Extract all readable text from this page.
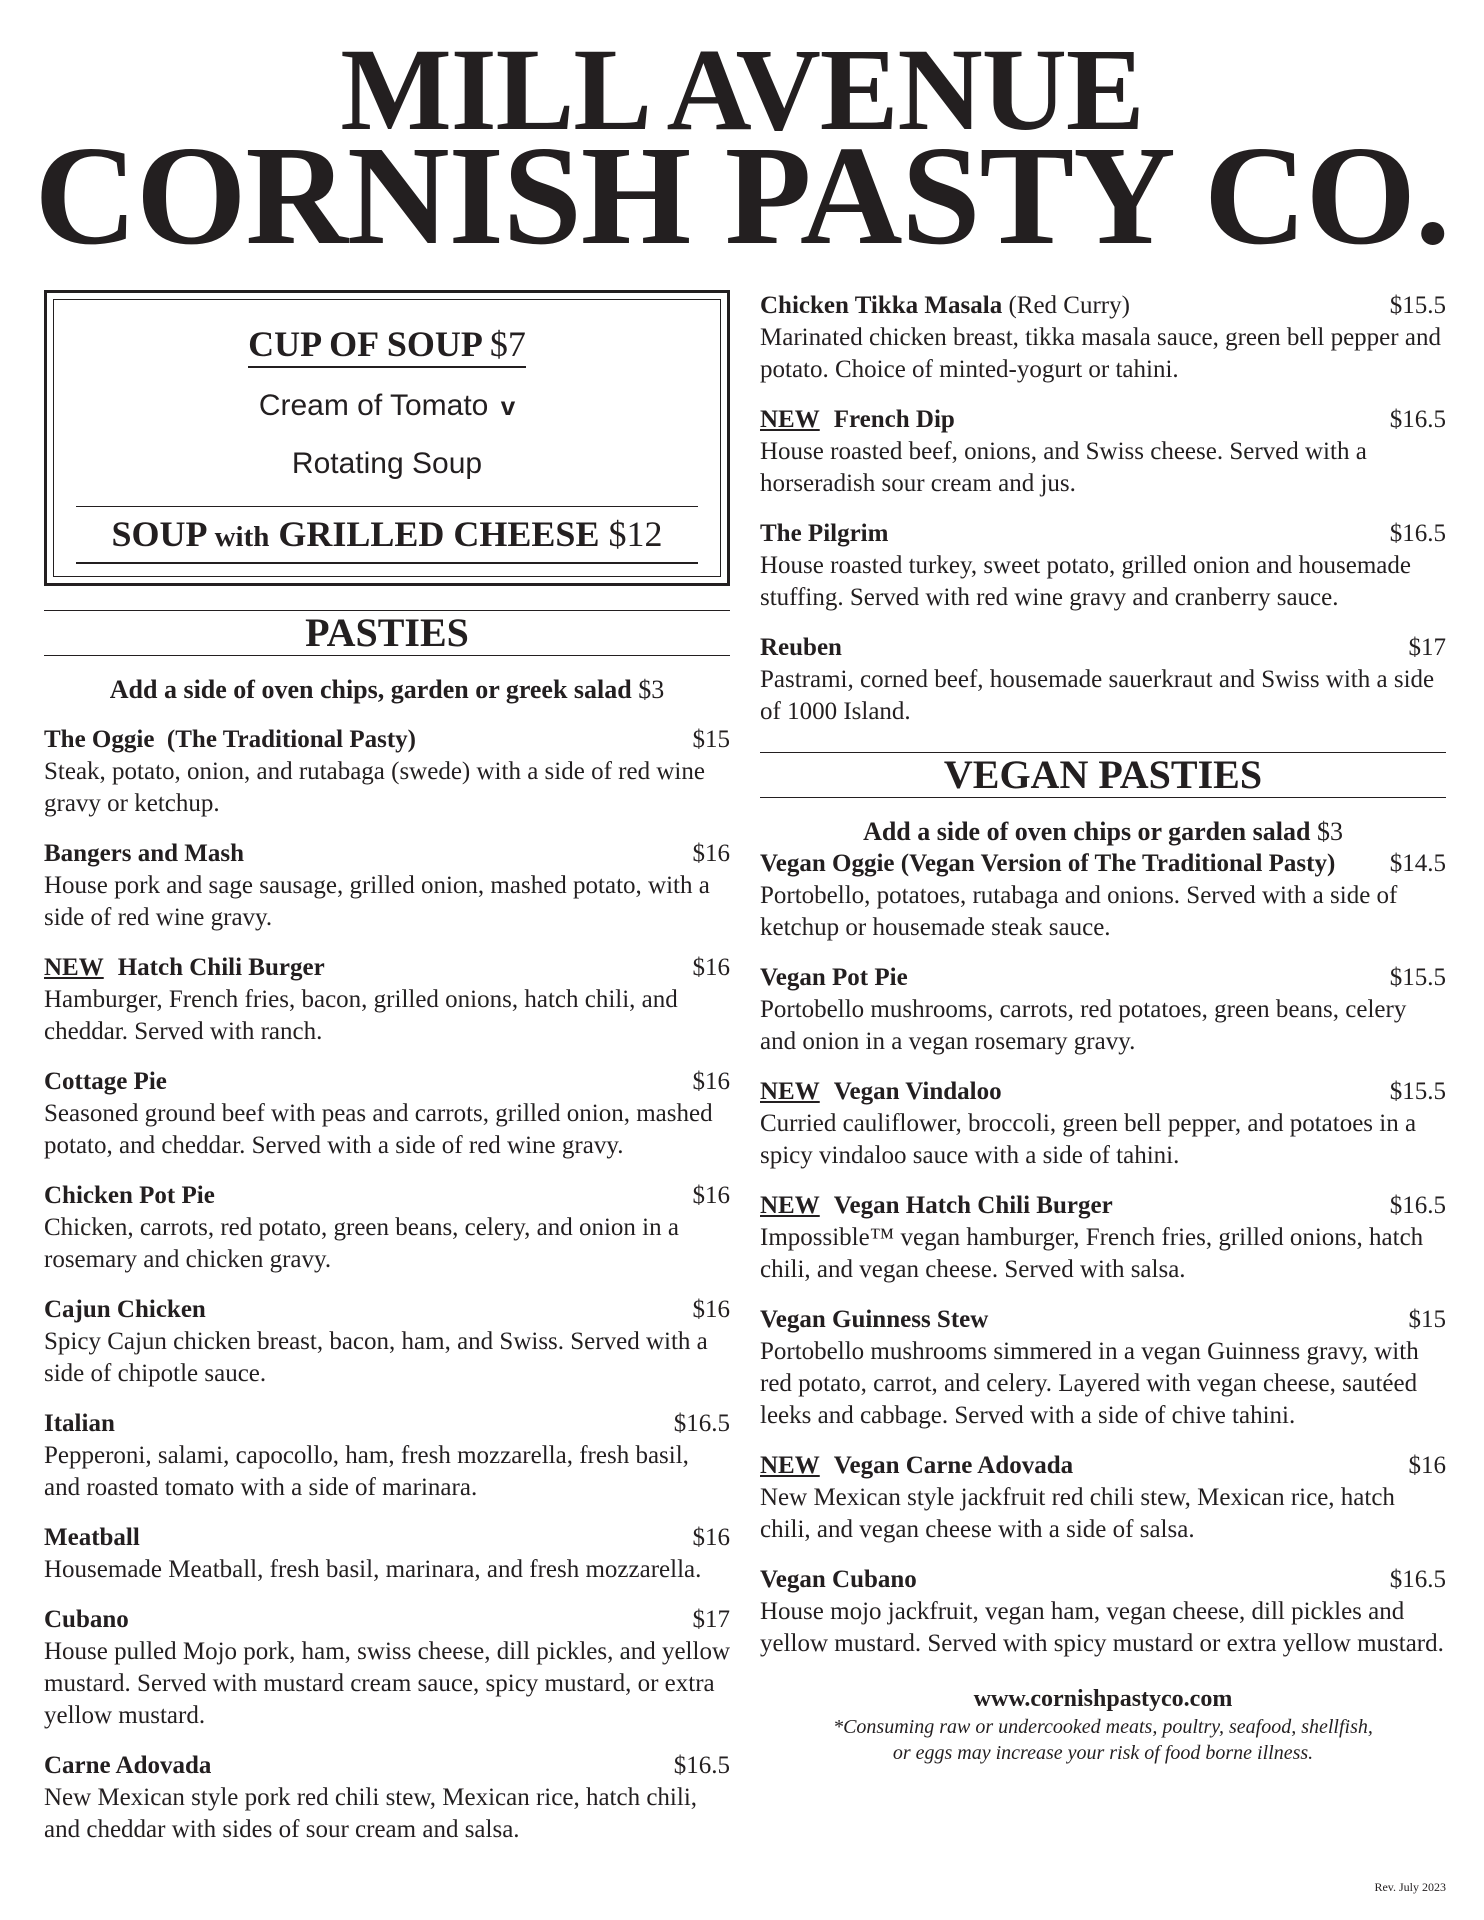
MILL AVENUE
CORNISH PASTY CO.
CUP OF SOUP $7
Cream of Tomato v
Rotating Soup
SOUP with GRILLED CHEESE $12
PASTIES
Add a side of oven chips, garden or greek salad $3
The Oggie  (The Traditional Pasty)	$15
Steak, potato, onion, and rutabaga (swede) with a side of red wine gravy or ketchup.
Bangers and Mash	$16
House pork and sage sausage, grilled onion, mashed potato, with a side of red wine gravy.
NEW Hatch Chili Burger	$16
Hamburger, French fries, bacon, grilled onions, hatch chili, and cheddar. Served with ranch.
Cottage Pie	$16
Seasoned ground beef with peas and carrots, grilled onion, mashed potato, and cheddar. Served with a side of red wine gravy.
Chicken Pot Pie	$16
Chicken, carrots, red potato, green beans, celery, and onion in a rosemary and chicken gravy.
Cajun Chicken	$16
Spicy Cajun chicken breast, bacon, ham, and Swiss. Served with a side of chipotle sauce.
Italian	$16.5
Pepperoni, salami, capocollo, ham, fresh mozzarella, fresh basil, and roasted tomato with a side of marinara.
Meatball	$16
Housemade Meatball, fresh basil, marinara, and fresh mozzarella.
Cubano	$17
House pulled Mojo pork, ham, swiss cheese, dill pickles, and yellow mustard. Served with mustard cream sauce, spicy mustard, or extra yellow mustard.
Carne Adovada	$16.5
New Mexican style pork red chili stew, Mexican rice, hatch chili, and cheddar with sides of sour cream and salsa.
Chicken Tikka Masala (Red Curry)	$15.5
Marinated chicken breast, tikka masala sauce, green bell pepper and potato. Choice of minted-yogurt or tahini.
NEW French Dip	$16.5
House roasted beef, onions, and Swiss cheese. Served with a horseradish sour cream and jus.
The Pilgrim	$16.5
House roasted turkey, sweet potato, grilled onion and housemade stuffing. Served with red wine gravy and cranberry sauce.
Reuben	$17
Pastrami, corned beef, housemade sauerkraut and Swiss with a side of 1000 Island.
VEGAN PASTIES
Add a side of oven chips or garden salad $3
Vegan Oggie (Vegan Version of The Traditional Pasty) $14.5
Portobello, potatoes, rutabaga and onions. Served with a side of ketchup or housemade steak sauce.
Vegan Pot Pie	$15.5
Portobello mushrooms, carrots, red potatoes, green beans, celery and onion in a vegan rosemary gravy.
NEW Vegan Vindaloo	$15.5
Curried cauliflower, broccoli, green bell pepper, and potatoes in a spicy vindaloo sauce with a side of tahini.
NEW Vegan Hatch Chili Burger	$16.5
Impossible™ vegan hamburger, French fries, grilled onions, hatch chili, and vegan cheese. Served with salsa.
Vegan Guinness Stew	$15
Portobello mushrooms simmered in a vegan Guinness gravy, with red potato, carrot, and celery. Layered with vegan cheese, sautéed leeks and cabbage. Served with a side of chive tahini.
NEW Vegan Carne Adovada	$16
New Mexican style jackfruit red chili stew, Mexican rice, hatch chili, and vegan cheese with a side of salsa.
Vegan Cubano	$16.5
House mojo jackfruit, vegan ham, vegan cheese, dill pickles and yellow mustard. Served with spicy mustard or extra yellow mustard.
www.cornishpastyco.com
*Consuming raw or undercooked meats, poultry, seafood, shellfish,
or eggs may increase your risk of food borne illness.
Rev. July 2023
